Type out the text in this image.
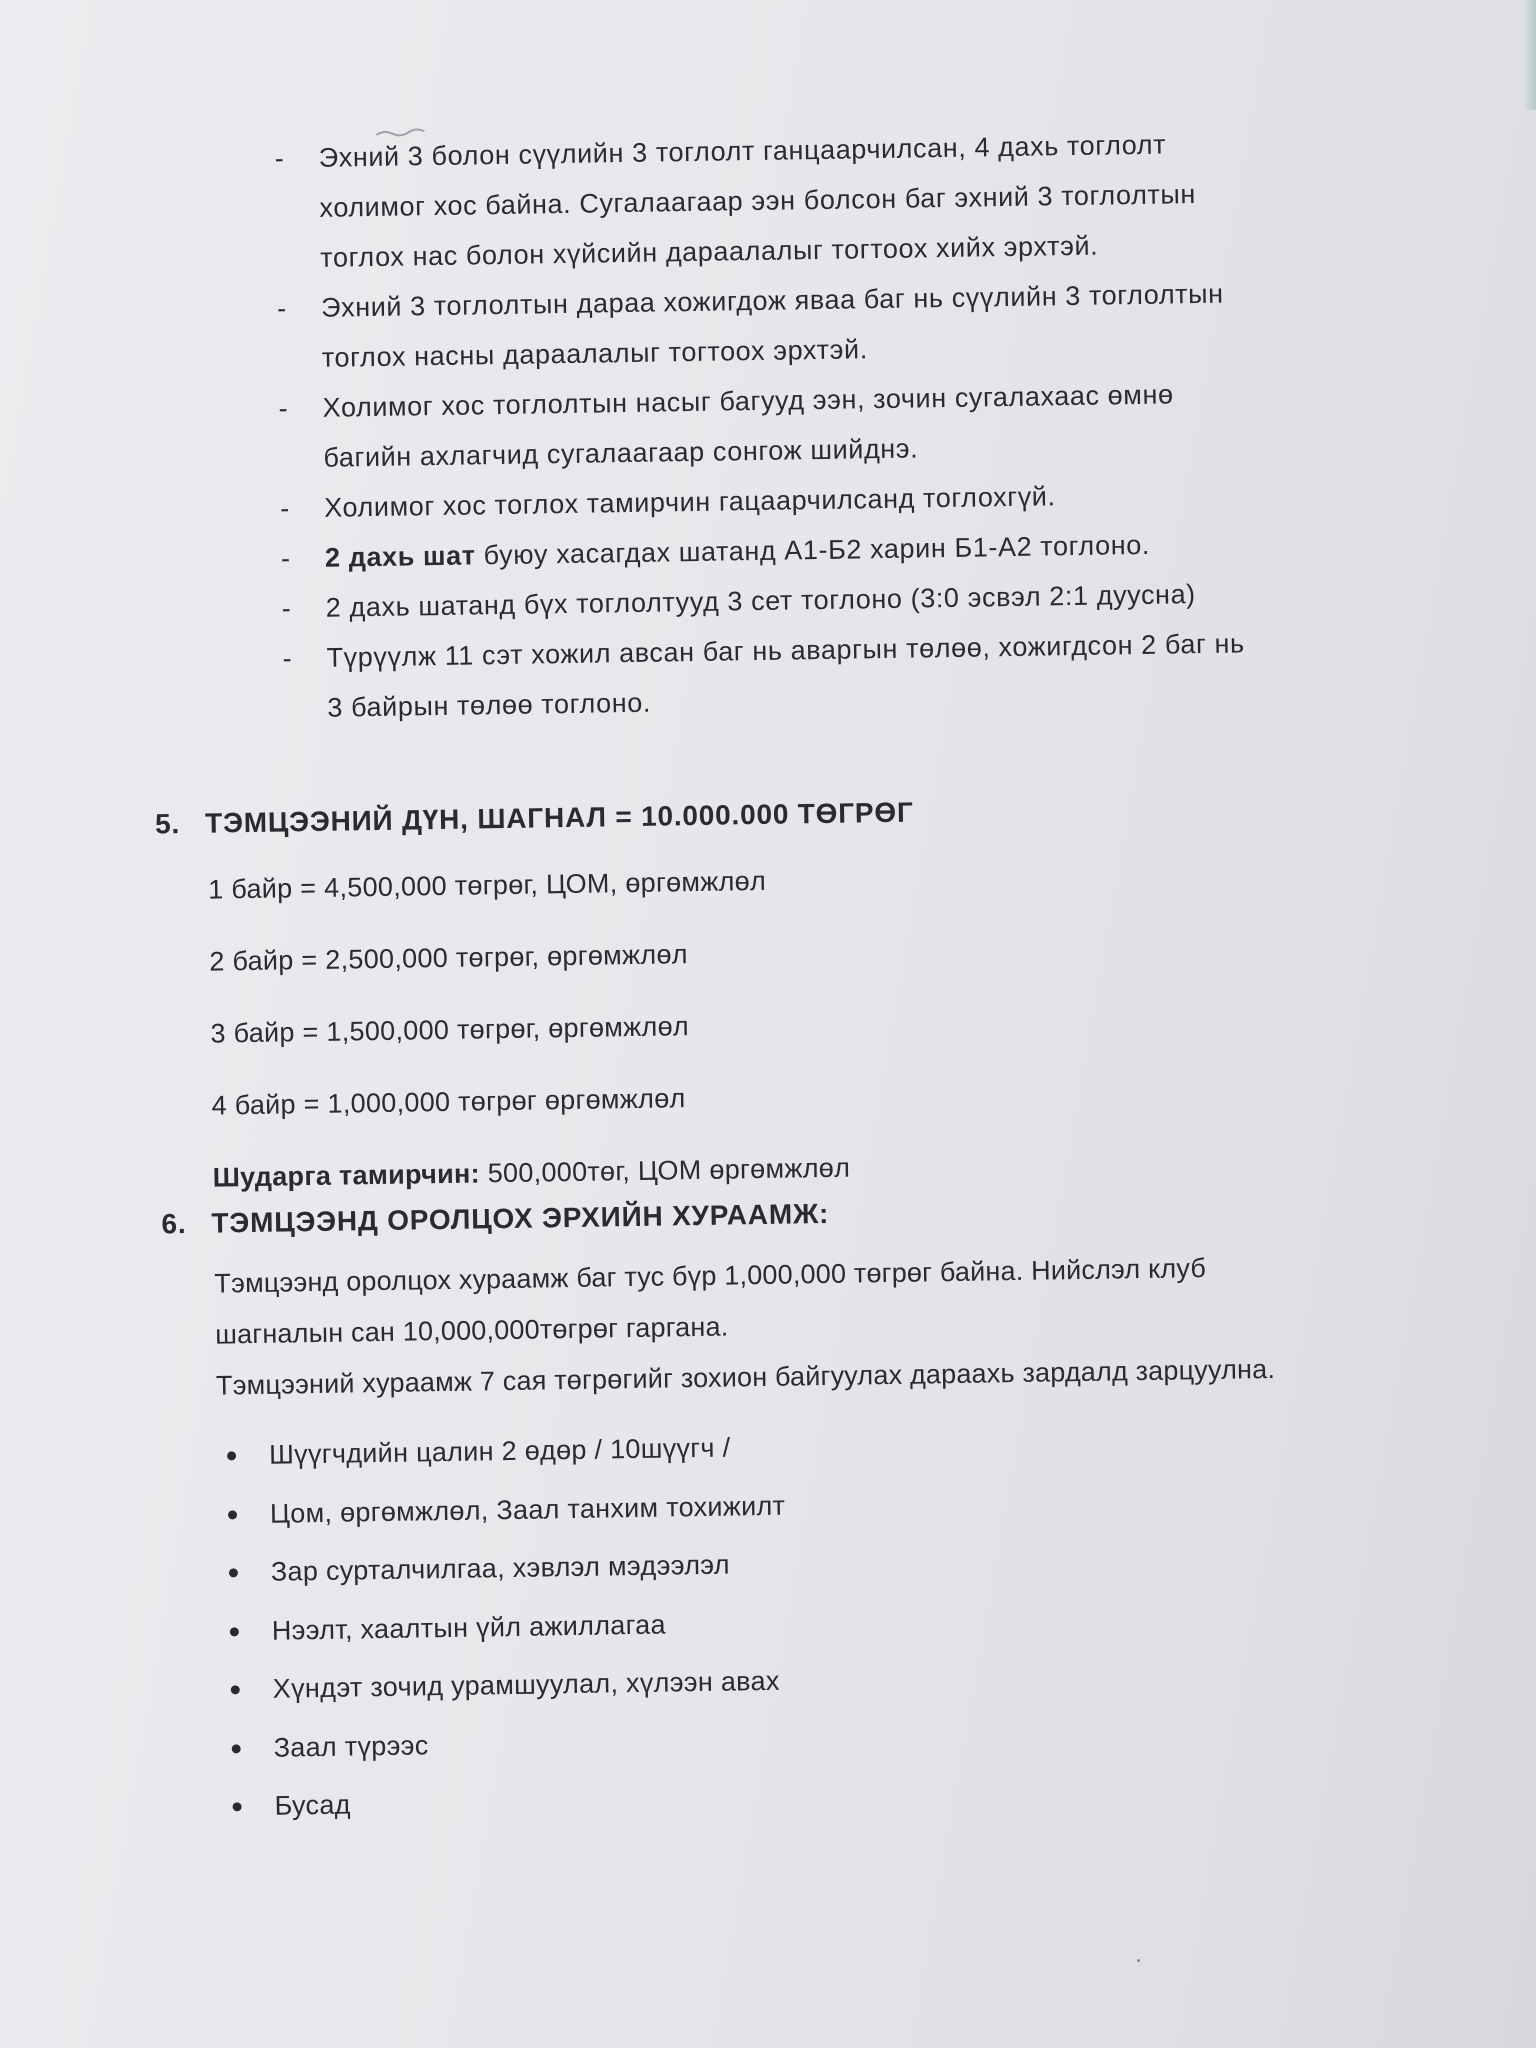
- Эхний 3 болон сүүлийн 3 тоглолт ганцаарчилсан, 4 дахь тоглолт
холимог хос байна. Сугалаагаар ээн болсон баг эхний 3 тоглолтын
тоглох нас болон хүйсийн дараалалыг тогтоох хийх эрхтэй.
- Эхний 3 тоглолтын дараа хожигдож яваа баг нь сүүлийн 3 тоглолтын
тоглох насны дараалалыг тогтоох эрхтэй.
- Холимог хос тоглолтын насыг багууд ээн, зочин сугалахаас өмнө
багийн ахлагчид сугалаагаар сонгож шийднэ.
- Холимог хос тоглох тамирчин гацаарчилсанд тоглохгүй.
- 2 дахь шат буюу хасагдах шатанд А1-Б2 харин Б1-А2 тоглоно.
- 2 дахь шатанд бүх тоглолтууд 3 сет тоглоно (3:0 эсвэл 2:1 дуусна)
- Түрүүлж 11 сэт хожил авсан баг нь аваргын төлөө, хожигдсон 2 баг нь
3 байрын төлөө тоглоно.
5. ТЭМЦЭЭНИЙ ДҮН, ШАГНАЛ = 10.000.000 ТӨГРӨГ
1 байр = 4,500,000 төгрөг, ЦОМ, өргөмжлөл
2 байр = 2,500,000 төгрөг, өргөмжлөл
3 байр = 1,500,000 төгрөг, өргөмжлөл
4 байр = 1,000,000 төгрөг өргөмжлөл
Шударга тамирчин: 500,000төг, ЦОМ өргөмжлөл
6. ТЭМЦЭЭНД ОРОЛЦОХ ЭРХИЙН ХУРААМЖ:

Тэмцээнд оролцох хураамж баг тус бүр 1,000,000 төгрөг байна. Нийслэл клуб

шагналын сан 10,000,000төгрөг гаргана.

Тэмцээний хураамж 7 сая төгрөгийг зохион байгуулах дараахь зардалд зарцуулна.

Шүүгчдийн цалин 2 өдөр / 10шүүгч /
Цом, өргөмжлөл, Заал танхим тохижилт
Зар сурталчилгаа, хэвлэл мэдээлэл
Нээлт, хаалтын үйл ажиллагаа
Хүндэт зочид урамшуулал, хүлээн авах
Заал түрээс
Бусад
